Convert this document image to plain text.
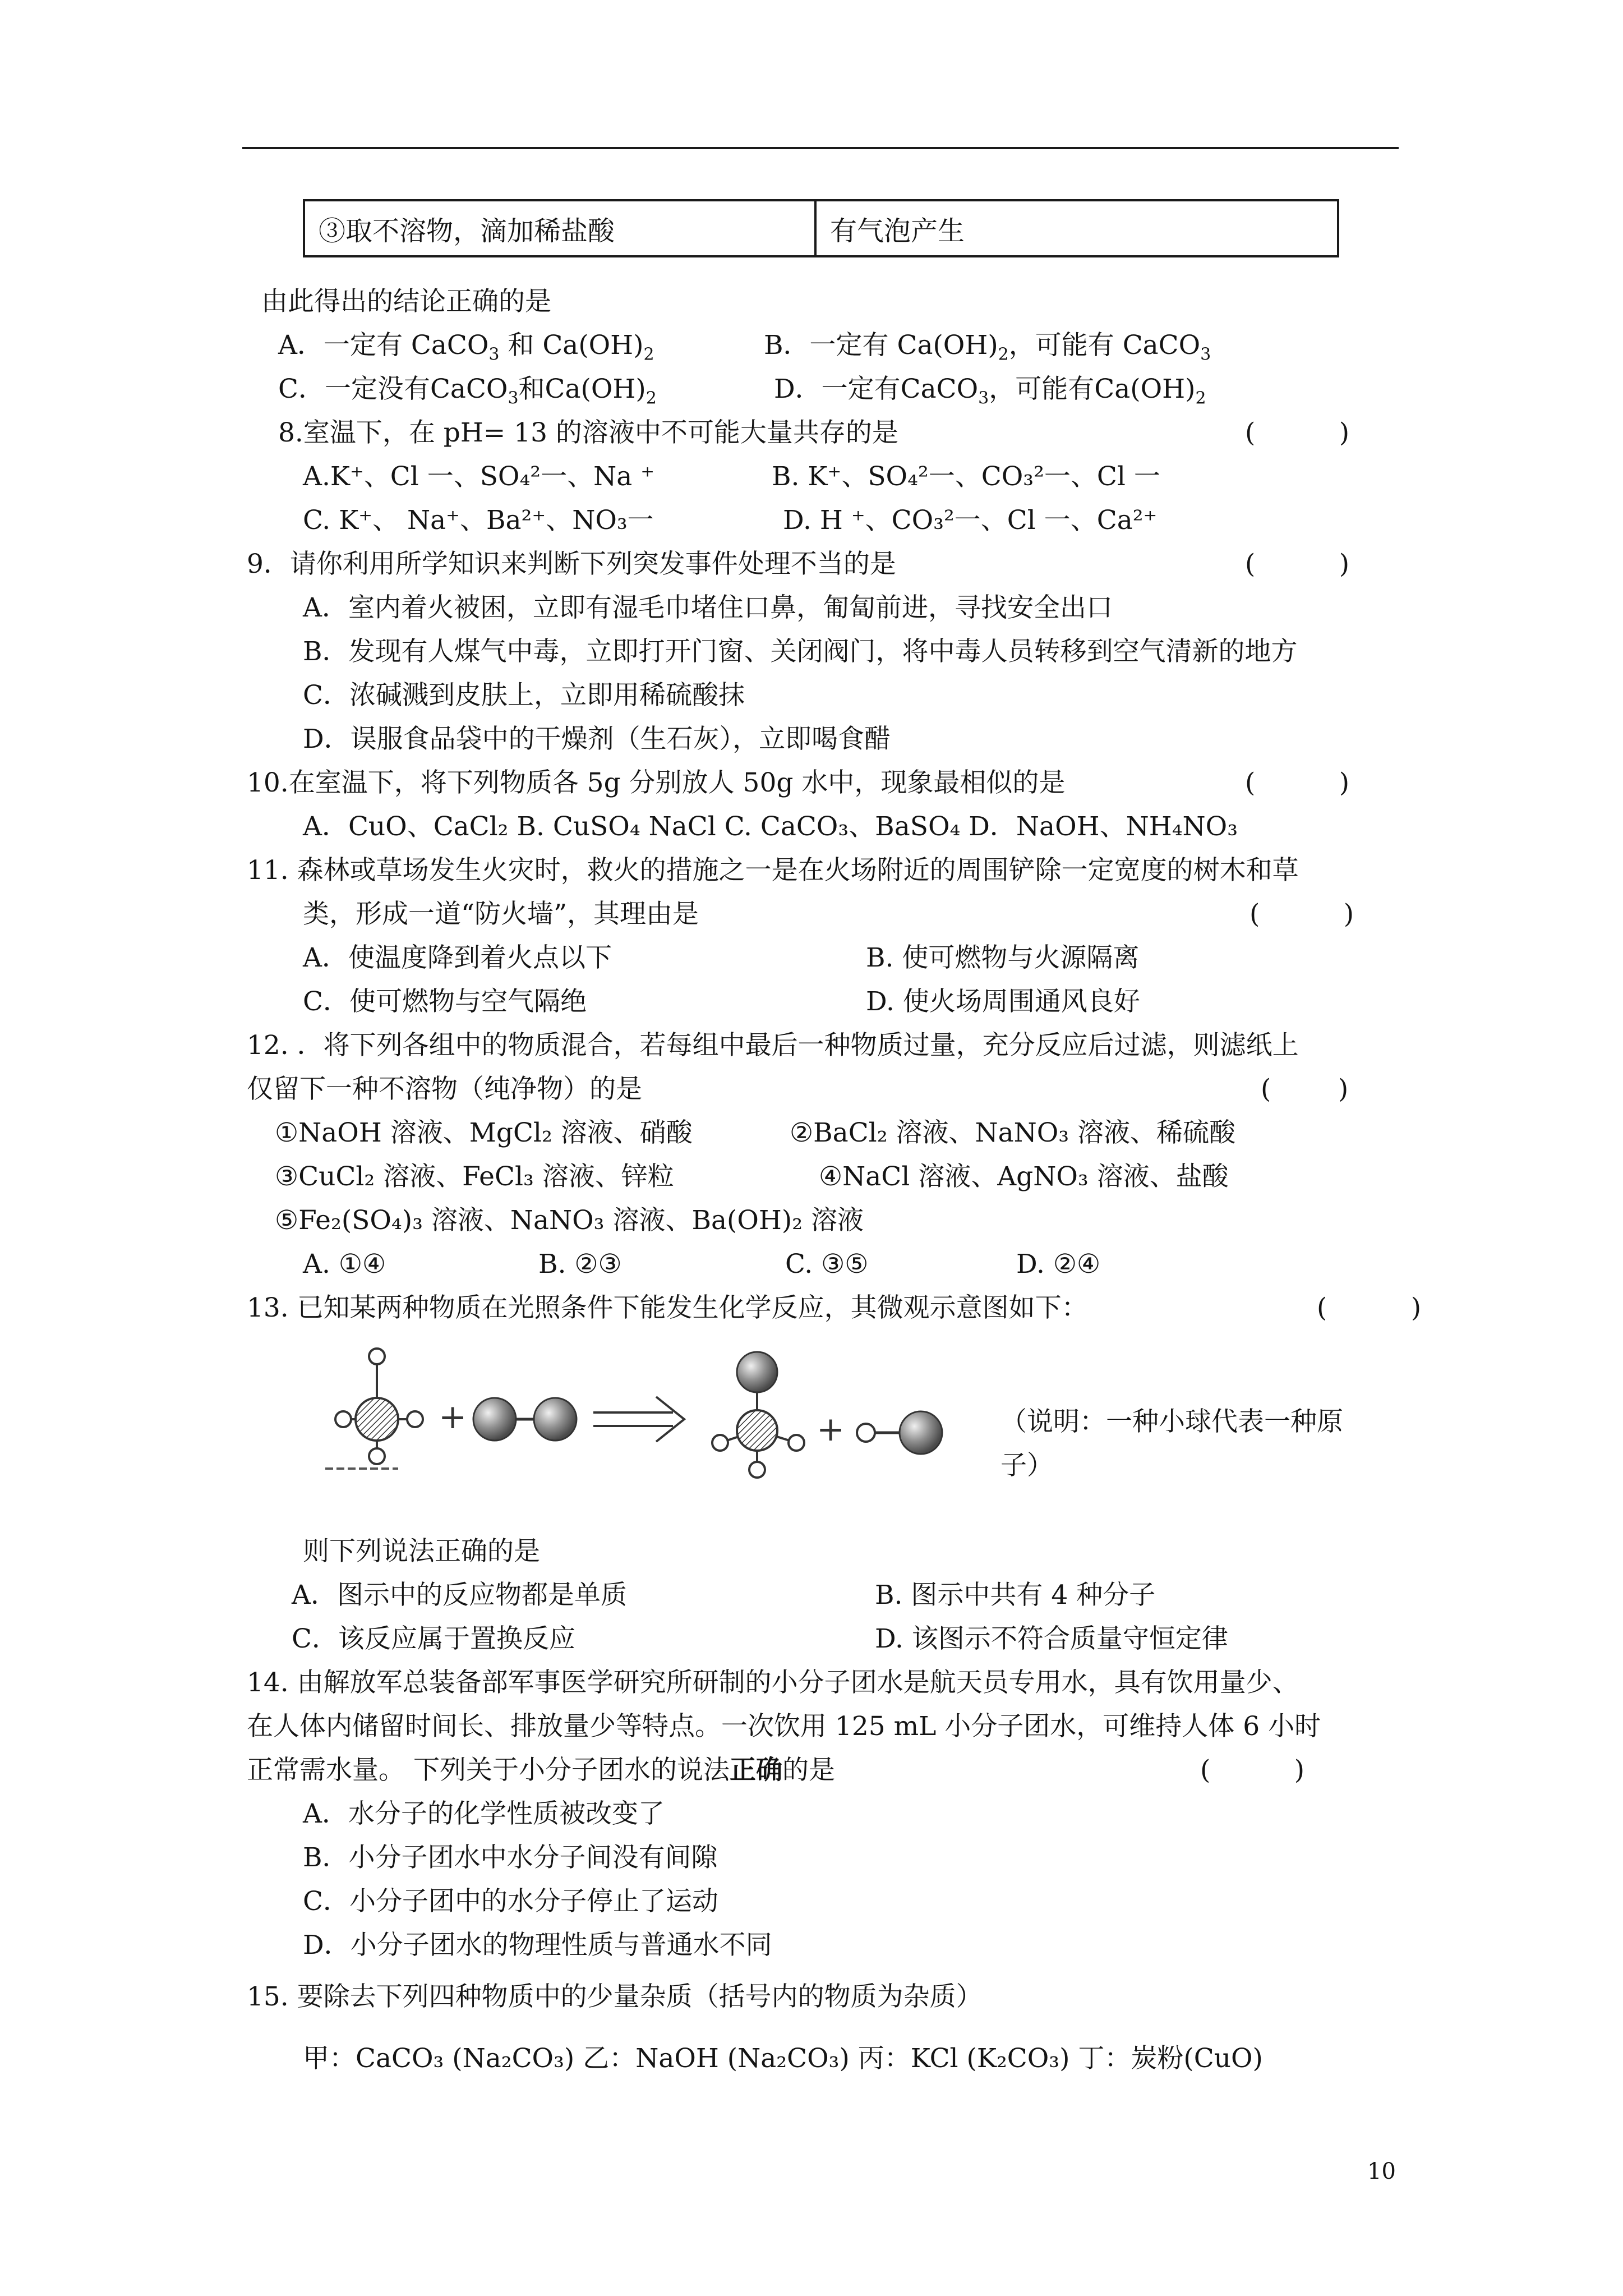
③取不溶物，滴加稀盐酸	有气泡产生
由此得出的结论正确的是
A．一定有 CaCO$_3$ 和 $Ca(OH)_2$	B．一定有 $Ca(OH)_2$，可能有 CaCO$_3$
C．一定没有CaCO$_3$和$Ca(OH)_2$	D．一定有CaCO$_3$，可能有$Ca(OH)_2$
8.室温下，在 pH= 13 的溶液中不可能大量共存的是	(          )
A.K⁺、Cl 一、SO₄²一、Na ⁺	B. K⁺、SO₄²一、CO₃²一、Cl 一
C. K⁺、 Na⁺、Ba²⁺、NO₃一	D. H ⁺、CO₃²一、Cl 一、Ca²⁺
9．请你利用所学知识来判断下列突发事件处理不当的是	(          )
A．室内着火被困，立即有湿毛巾堵住口鼻，匍匐前进，寻找安全出口
B．发现有人煤气中毒，立即打开门窗、关闭阀门，将中毒人员转移到空气清新的地方
C．浓碱溅到皮肤上，立即用稀硫酸抹
D．误服食品袋中的干燥剂（生石灰），立即喝食醋
10.在室温下，将下列物质各 5g 分别放人 50g 水中，现象最相似的是	(          )
A．CuO、CaCl₂ B. CuSO₄ NaCl C. CaCO₃、BaSO₄ D．NaOH、NH₄NO₃
11. 森林或草场发生火灾时，救火的措施之一是在火场附近的周围铲除一定宽度的树木和草
类，形成一道“防火墙”，其理由是	(          )
A．使温度降到着火点以下	B. 使可燃物与火源隔离
C．使可燃物与空气隔绝	D. 使火场周围通风良好
12. ．将下列各组中的物质混合，若每组中最后一种物质过量，充分反应后过滤，则滤纸上
仅留下一种不溶物（纯净物）的是	(        )
①NaOH 溶液、MgCl₂ 溶液、硝酸	②BaCl₂ 溶液、NaNO₃ 溶液、稀硫酸
③CuCl₂ 溶液、FeCl₃ 溶液、锌粒	④NaCl 溶液、AgNO₃ 溶液、盐酸
⑤Fe₂(SO₄)₃ 溶液、NaNO₃ 溶液、Ba(OH)₂ 溶液
A. ①④	B. ②③	C. ③⑤	D. ②④
13. 已知某两种物质在光照条件下能发生化学反应，其微观示意图如下：	(          )
+	+	（说明：一种小球代表一种原
子）
则下列说法正确的是
A．图示中的反应物都是单质	B. 图示中共有 4 种分子
C．该反应属于置换反应	D. 该图示不符合质量守恒定律
14. 由解放军总装备部军事医学研究所研制的小分子团水是航天员专用水，具有饮用量少、
在人体内储留时间长、排放量少等特点。一次饮用 125 mL 小分子团水，可维持人体 6 小时
正常需水量。 下列关于小分子团水的说法正确的是	(          )
A．水分子的化学性质被改变了
B．小分子团水中水分子间没有间隙
C．小分子团中的水分子停止了运动
D．小分子团水的物理性质与普通水不同
15. 要除去下列四种物质中的少量杂质（括号内的物质为杂质）
甲：CaCO₃ (Na₂CO₃) 乙：NaOH (Na₂CO₃) 丙：KCl (K₂CO₃) 丁：炭粉(CuO)
10
